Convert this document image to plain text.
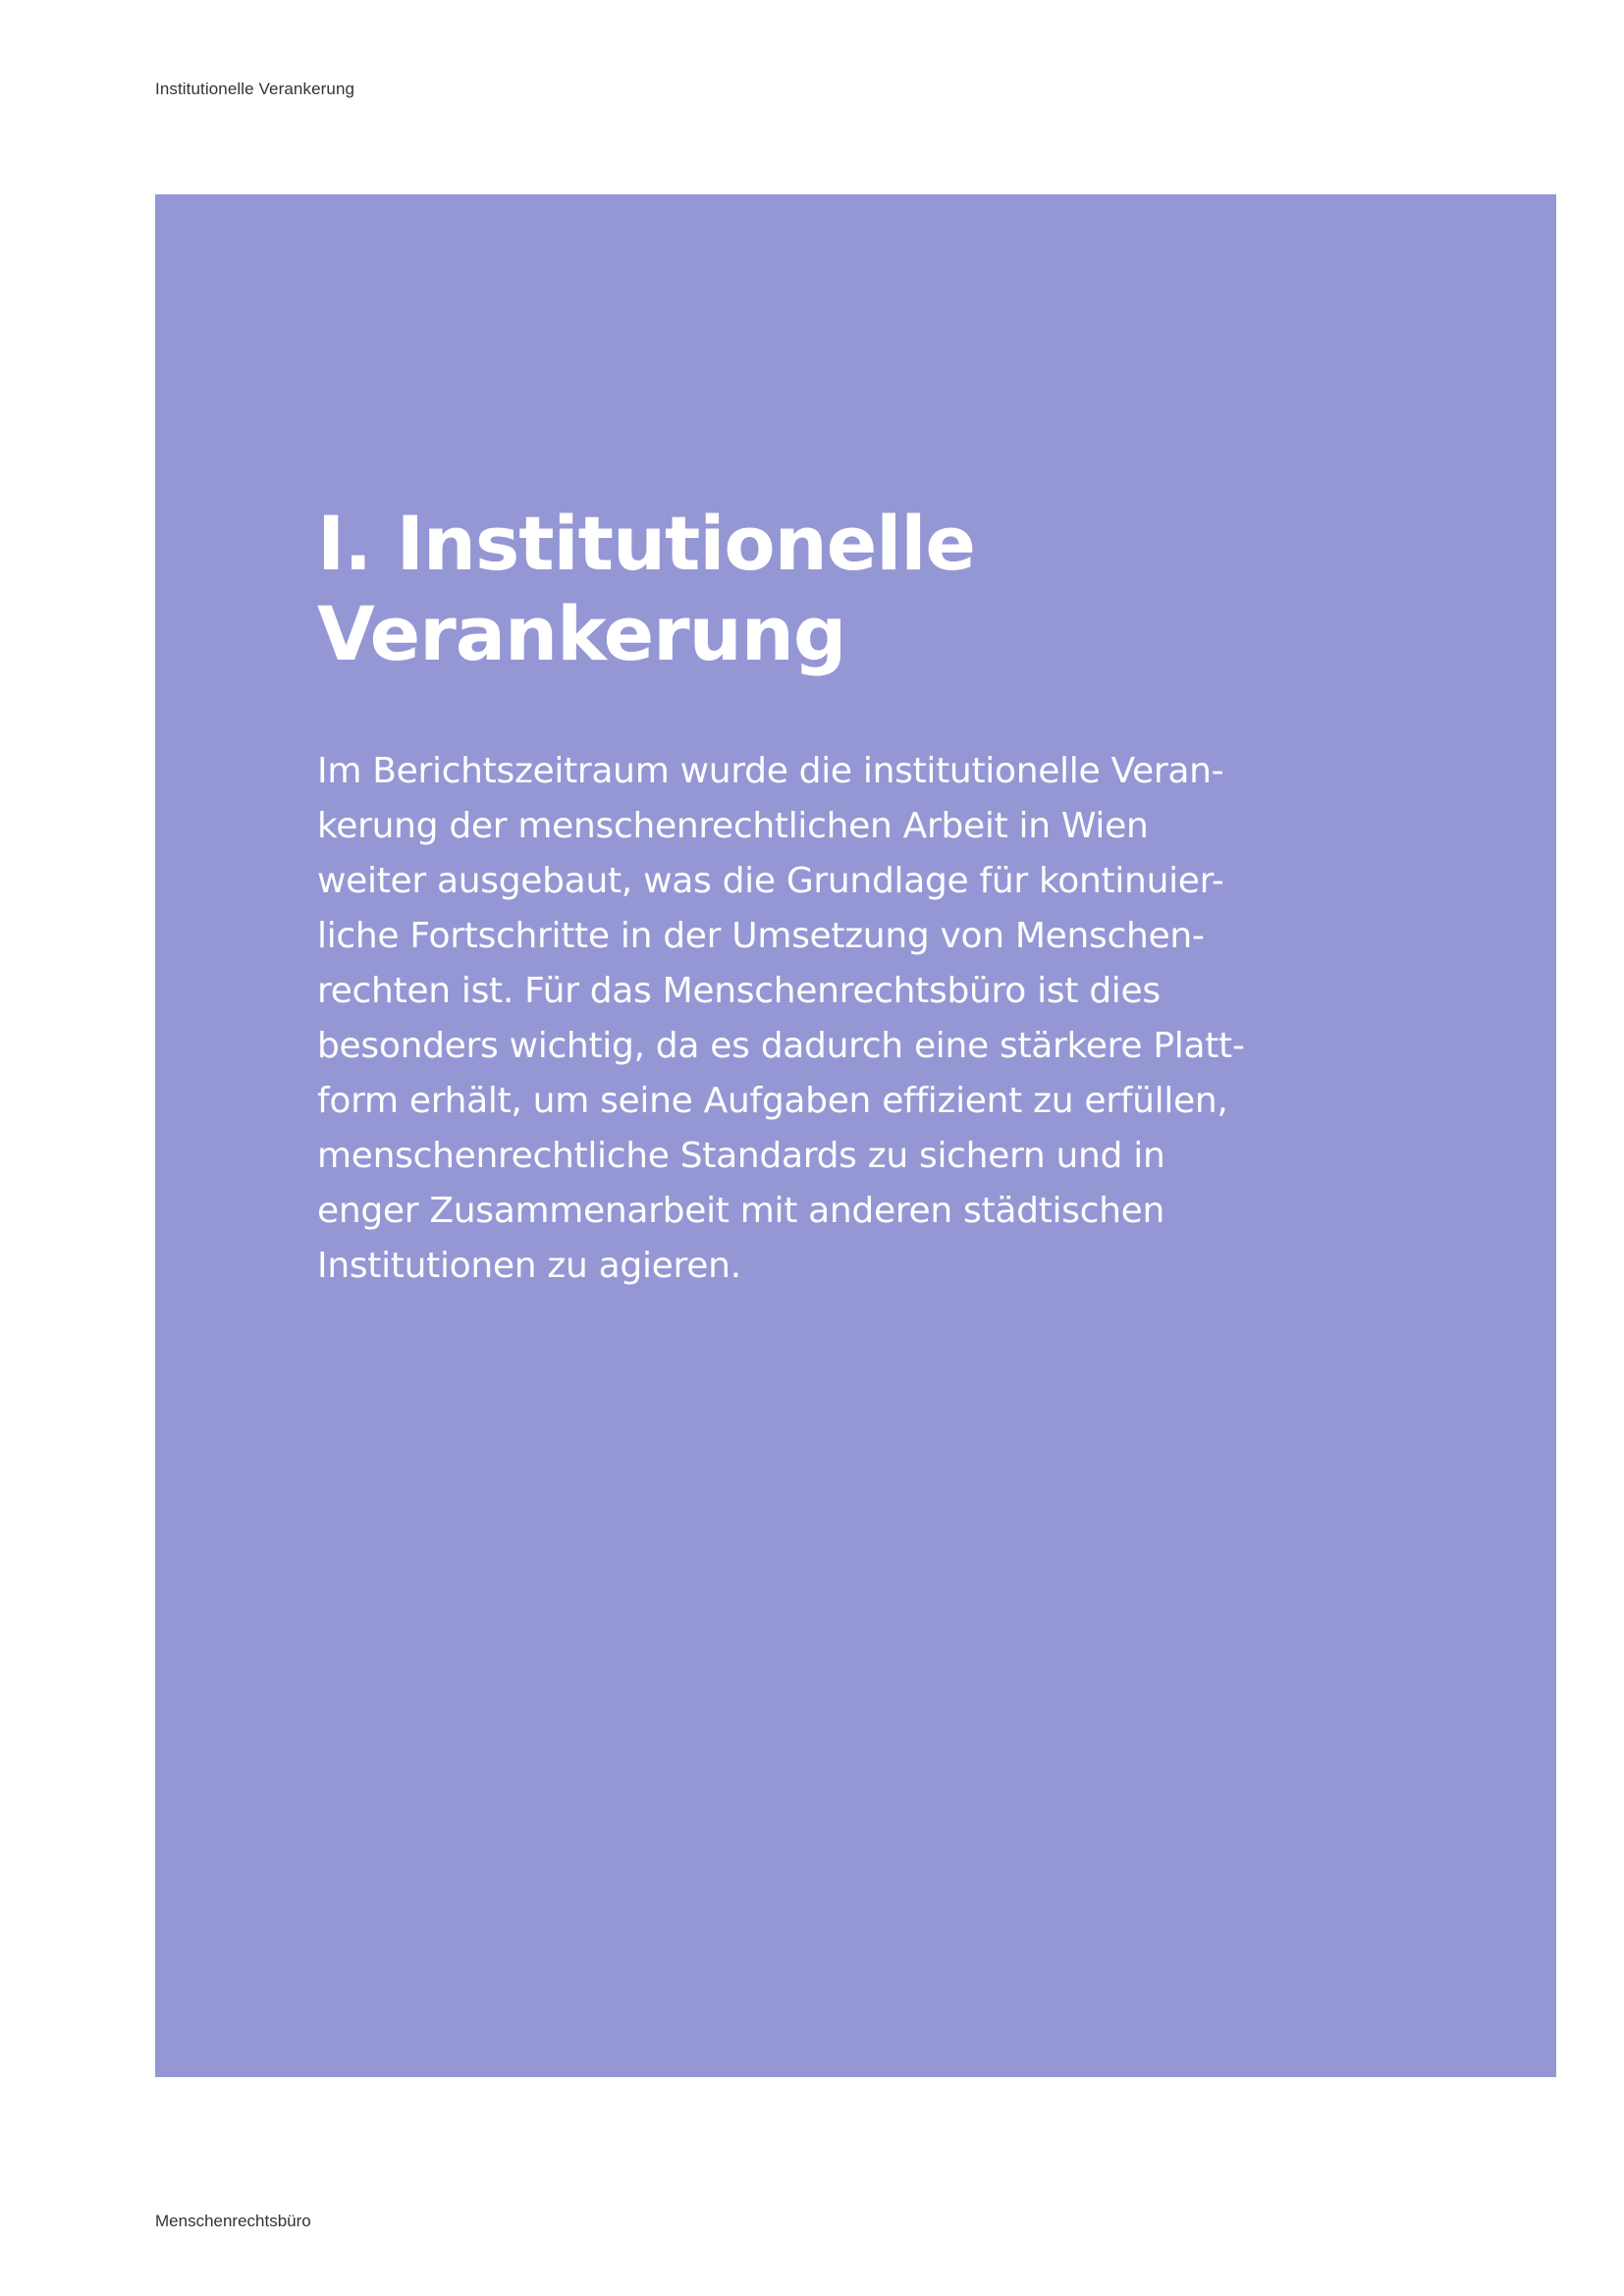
Institutionelle Verankerung
I. Institutionelle
Verankerung

Im Berichtszeitraum wurde die institutionelle Veran-
kerung der menschenrechtlichen Arbeit in Wien
weiter ausgebaut, was die Grundlage für kontinuier-
liche Fortschritte in der Umsetzung von Menschen-
rechten ist. Für das Menschenrechtsbüro ist dies
besonders wichtig, da es dadurch eine stärkere Platt-
form erhält, um seine Aufgaben effizient zu erfüllen,
menschenrechtliche Standards zu sichern und in
enger Zusammenarbeit mit anderen städtischen
Institutionen zu agieren.

Menschenrechtsbüro
